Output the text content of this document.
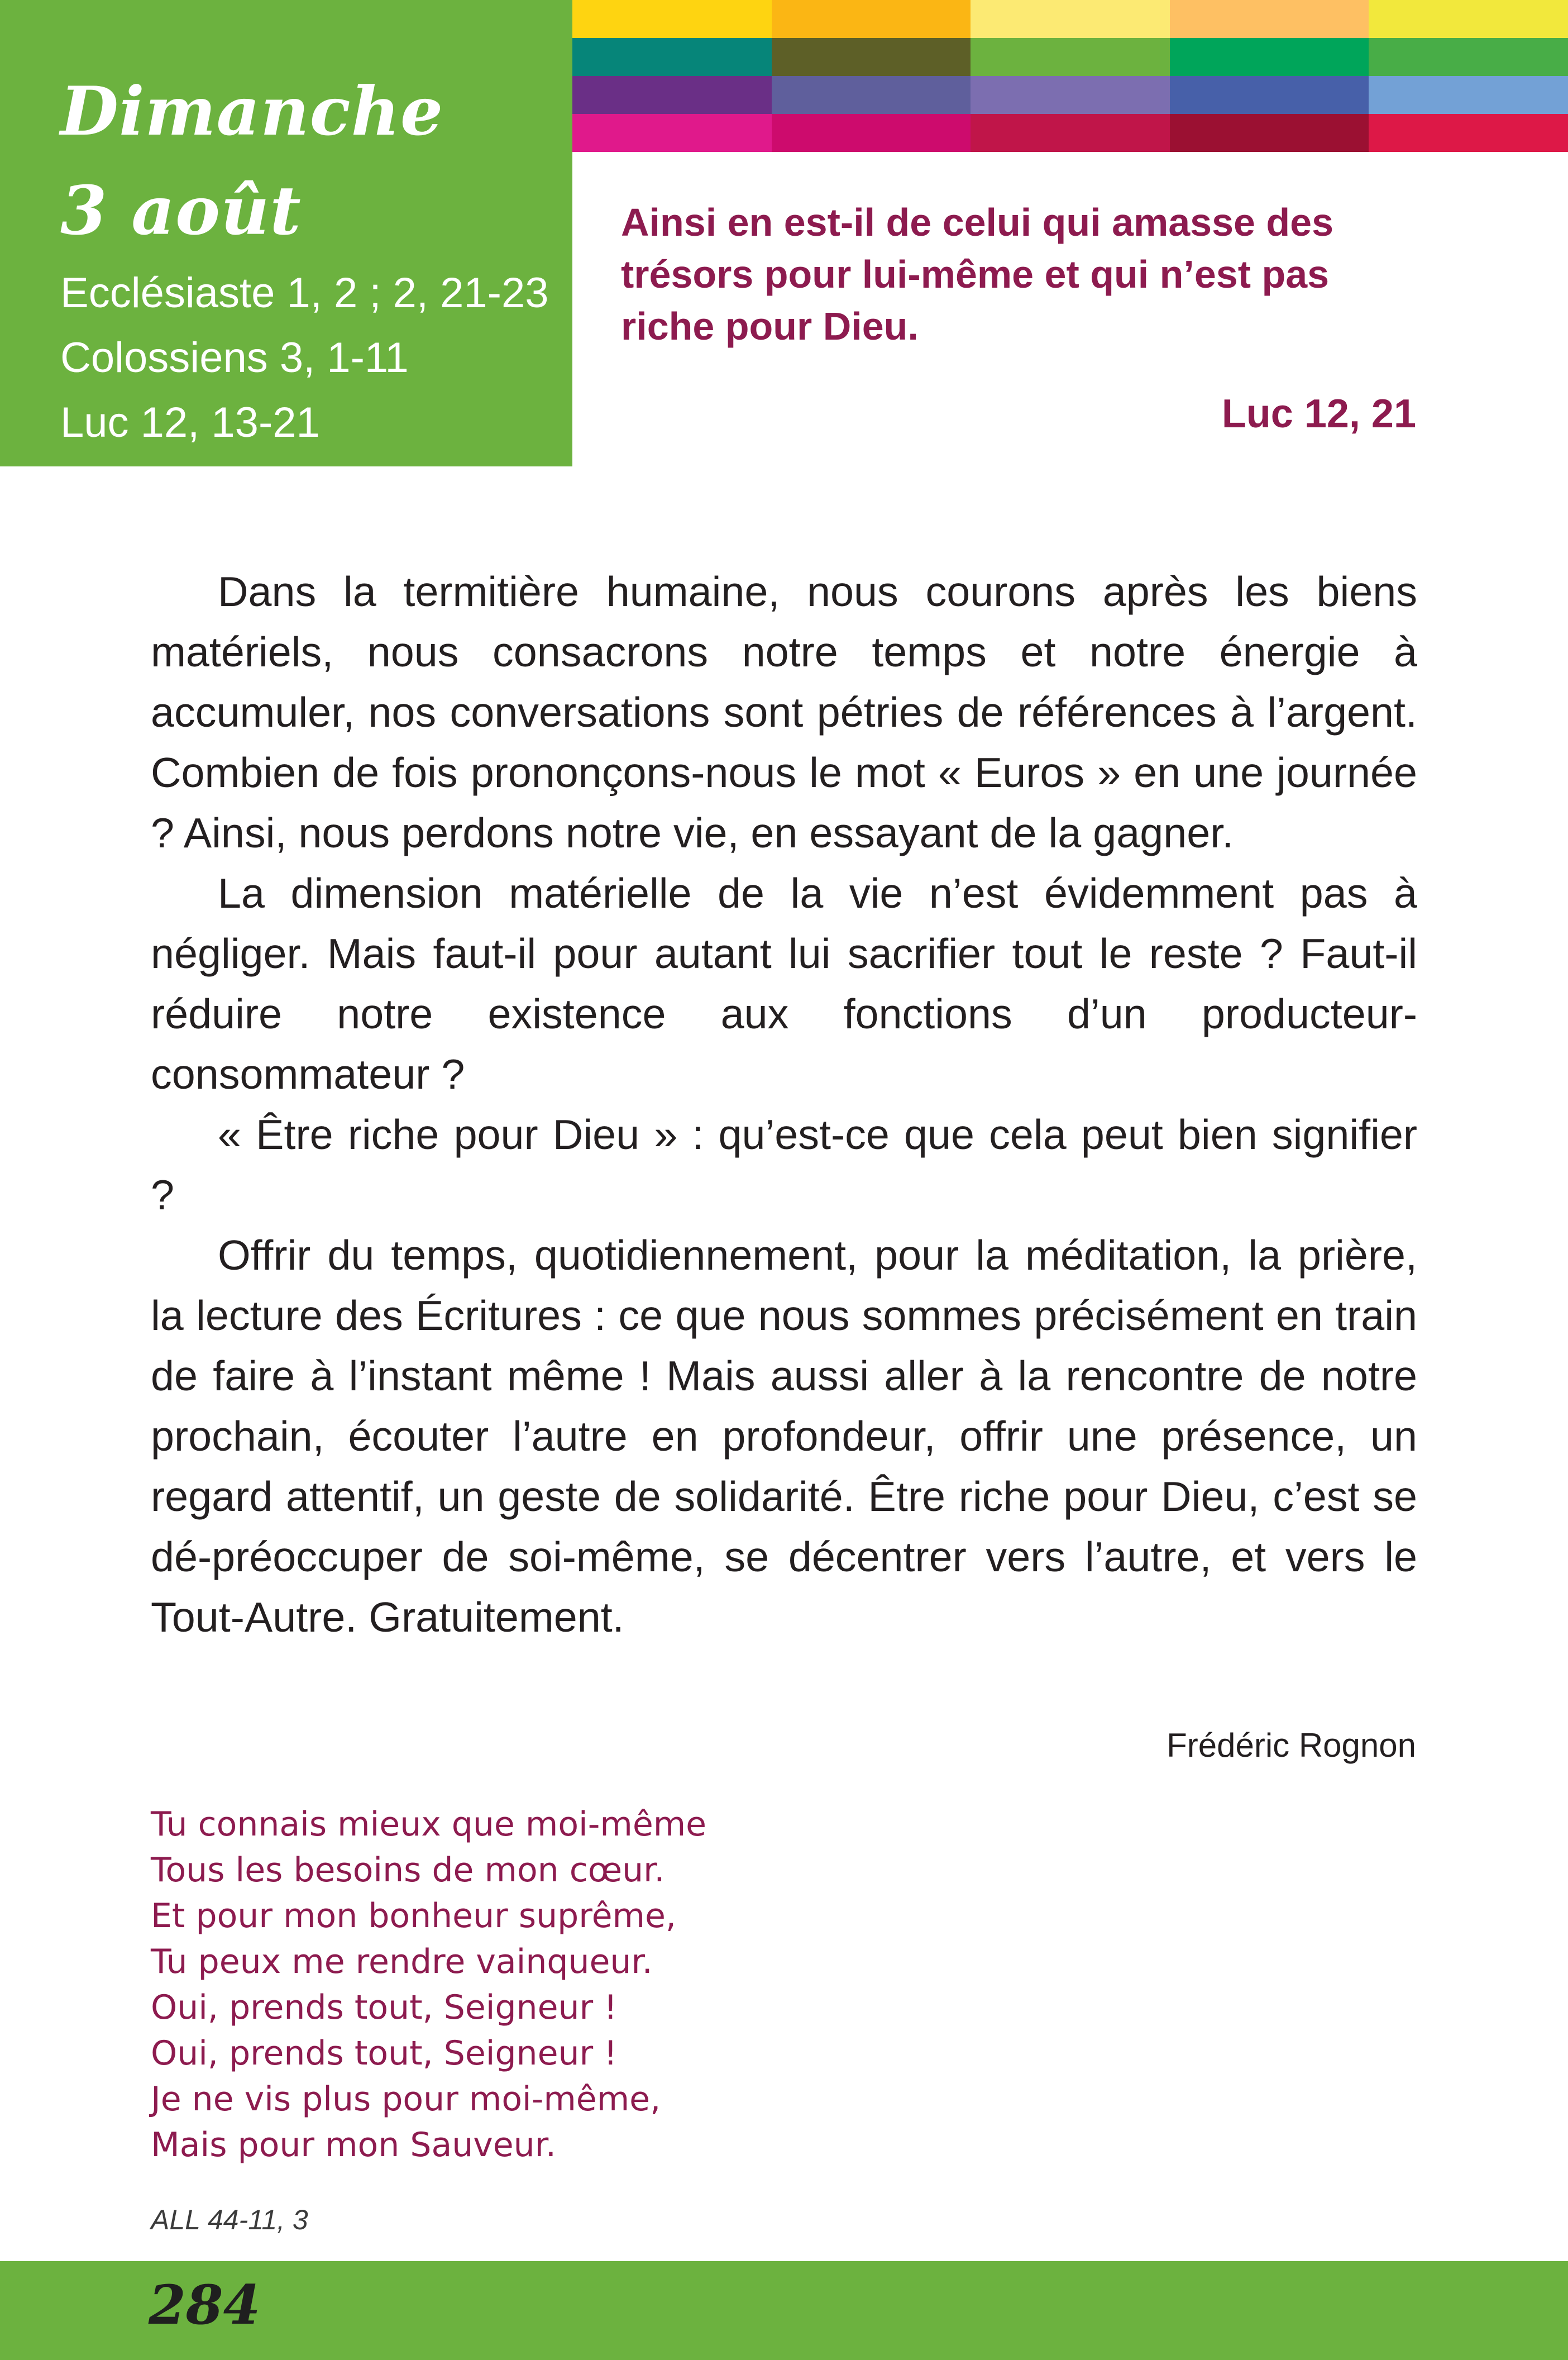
Dimanche
3 août
Ecclésiaste 1, 2 ; 2, 21-23
Colossiens 3, 1-11
Luc 12, 13-21
Ainsi en est-il de celui qui amasse des trésors pour lui-même et qui n’est pas riche pour Dieu.
Luc 12, 21

Dans la termitière humaine, nous courons après les biens matériels, nous consacrons notre temps et notre énergie à accumuler, nos conversations sont pétries de références à l’argent. Combien de fois prononçons-nous le mot « Euros » en une journée ? Ainsi, nous perdons notre vie, en essayant de la gagner.

La dimension matérielle de la vie n’est évidemment pas à négliger. Mais faut-il pour autant lui sacrifier tout le reste ? Faut-il réduire notre existence aux fonctions d’un producteur-consommateur ?

« Être riche pour Dieu » : qu’est-ce que cela peut bien signifier ?

Offrir du temps, quotidiennement, pour la méditation, la prière, la lecture des Écritures : ce que nous sommes précisément en train de faire à l’instant même ! Mais aussi aller à la rencontre de notre prochain, écouter l’autre en profondeur, offrir une présence, un regard attentif, un geste de solidarité. Être riche pour Dieu, c’est se dé-préoccuper de soi-même, se décentrer vers l’autre, et vers le Tout-Autre. Gratuitement.

Frédéric Rognon
Tu connais mieux que moi-même
Tous les besoins de mon cœur.
Et pour mon bonheur suprême,
Tu peux me rendre vainqueur.
Oui, prends tout, Seigneur !
Oui, prends tout, Seigneur !
Je ne vis plus pour moi-même,
Mais pour mon Sauveur.
ALL 44-11, 3
284
